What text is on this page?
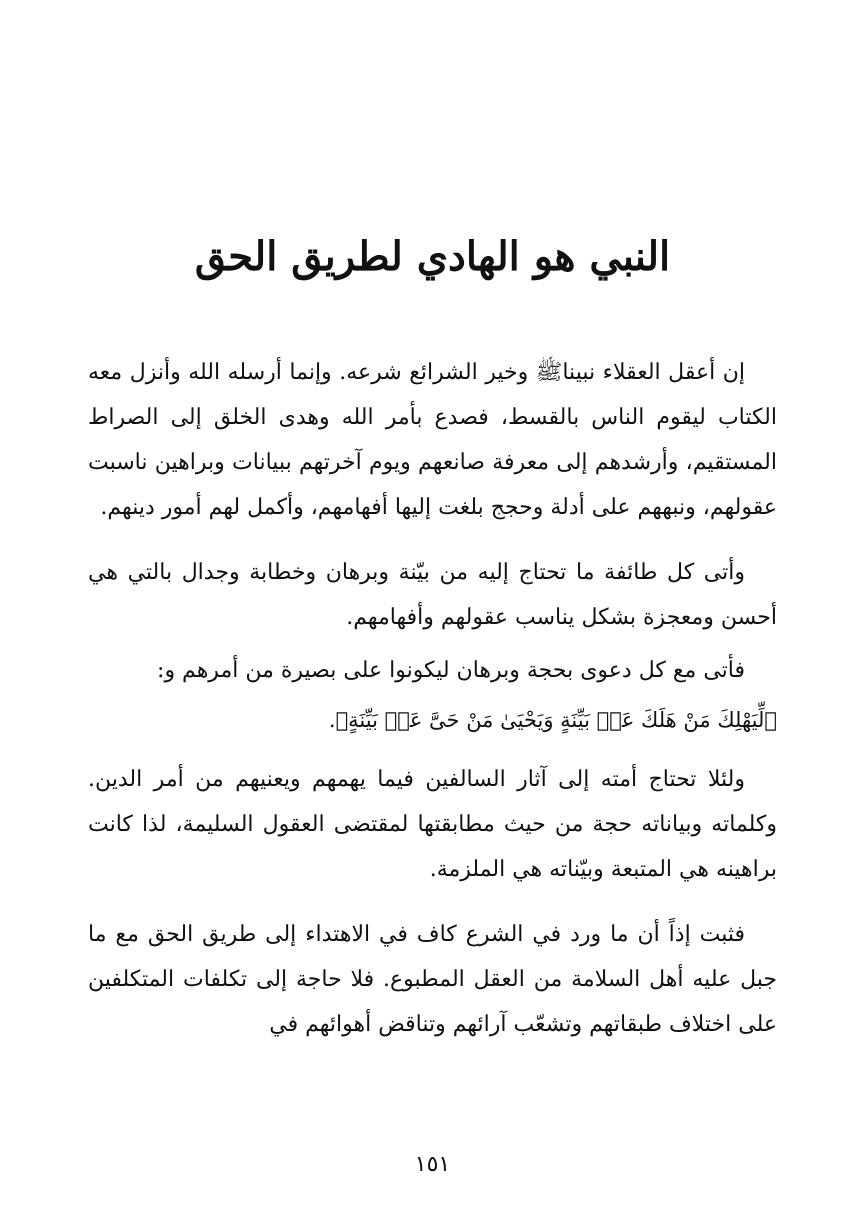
النبي هو الهادي لطريق الحق

إن أعقل العقلاء نبيناﷺ وخير الشرائع شرعه. وإنما أرسله الله وأنزل معه الكتاب ليقوم الناس بالقسط، فصدع بأمر الله وهدى الخلق إلى الصراط المستقيم، وأرشدهم إلى معرفة صانعهم ويوم آخرتهم ببيانات وبراهين ناسبت عقولهم، ونبههم على أدلة وحجج بلغت إليها أفهامهم، وأكمل لهم أمور دينهم.

وأتى كل طائفة ما تحتاج إليه من بيّنة وبرهان وخطابة وجدال بالتي هي أحسن ومعجزة بشكل يناسب عقولهم وأفهامهم.

فأتى مع كل دعوى بحجة وبرهان ليكونوا على بصيرة من أمرهم و:

﴿لِّيَهْلِكَ مَنْ هَلَكَ عَنۢ بَيِّنَةٍ وَيَحْيَىٰ مَنْ حَىَّ عَنۢ بَيِّنَةٍ﴾.

ولئلا تحتاج أمته إلى آثار السالفين فيما يهمهم ويعنيهم من أمر الدين. وكلماته وبياناته حجة من حيث مطابقتها لمقتضى العقول السليمة، لذا كانت براهينه هي المتبعة وبيّناته هي الملزمة.

فثبت إذاً أن ما ورد في الشرع كاف في الاهتداء إلى طريق الحق مع ما جبل عليه أهل السلامة من العقل المطبوع. فلا حاجة إلى تكلفات المتكلفين على اختلاف طبقاتهم وتشعّب آرائهم وتناقض أهوائهم في

١٥١
